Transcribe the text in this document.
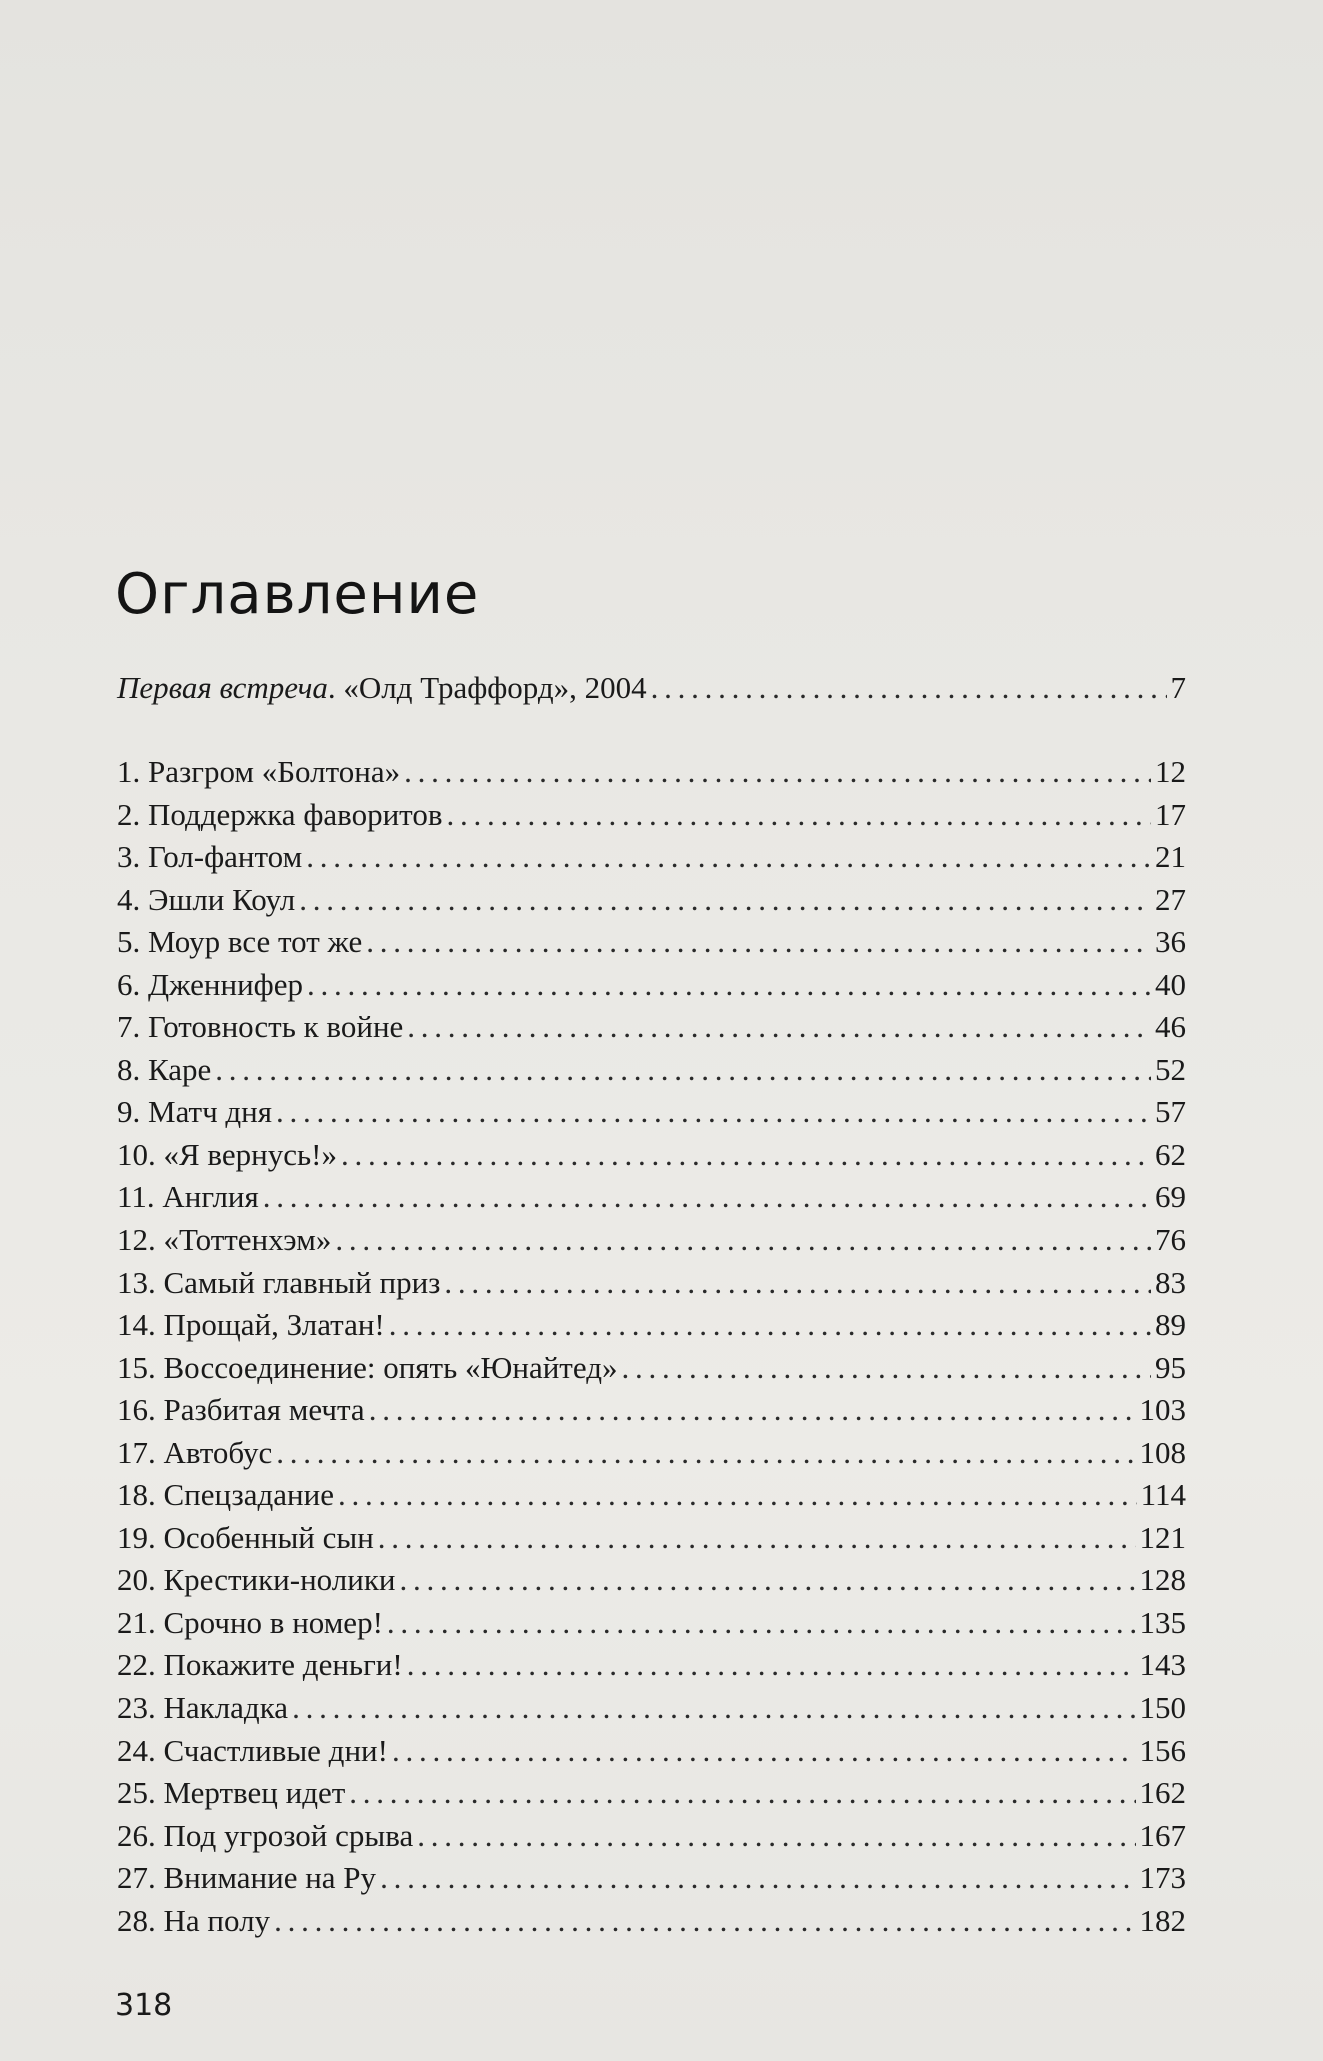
Оглавление
Первая встреча. «Олд Траффорд», 2004 . . .	7
1. Разгром «Болтона» . . .	12
2. Поддержка фаворитов . . .	17
3. Гол-фантом . . .	21
4. Эшли Коул . . .	27
5. Моур все тот же . . .	36
6. Дженнифер . . .	40
7. Готовность к войне . . .	46
8. Каре . . .	52
9. Матч дня . . .	57
10. «Я вернусь!» . . .	62
11. Англия . . .	69
12. «Тоттенхэм» . . .	76
13. Самый главный приз . . .	83
14. Прощай, Златан! . . .	89
15. Воссоединение: опять «Юнайтед» . . .	95
16. Разбитая мечта . . .	103
17. Автобус . . .	108
18. Спецзадание . . .	114
19. Особенный сын . . .	121
20. Крестики-нолики . . .	128
21. Срочно в номер! . . .	135
22. Покажите деньги! . . .	143
23. Накладка . . .	150
24. Счастливые дни! . . .	156
25. Мертвец идет . . .	162
26. Под угрозой срыва . . .	167
27. Внимание на Ру . . .	173
28. На полу . . .	182
318
